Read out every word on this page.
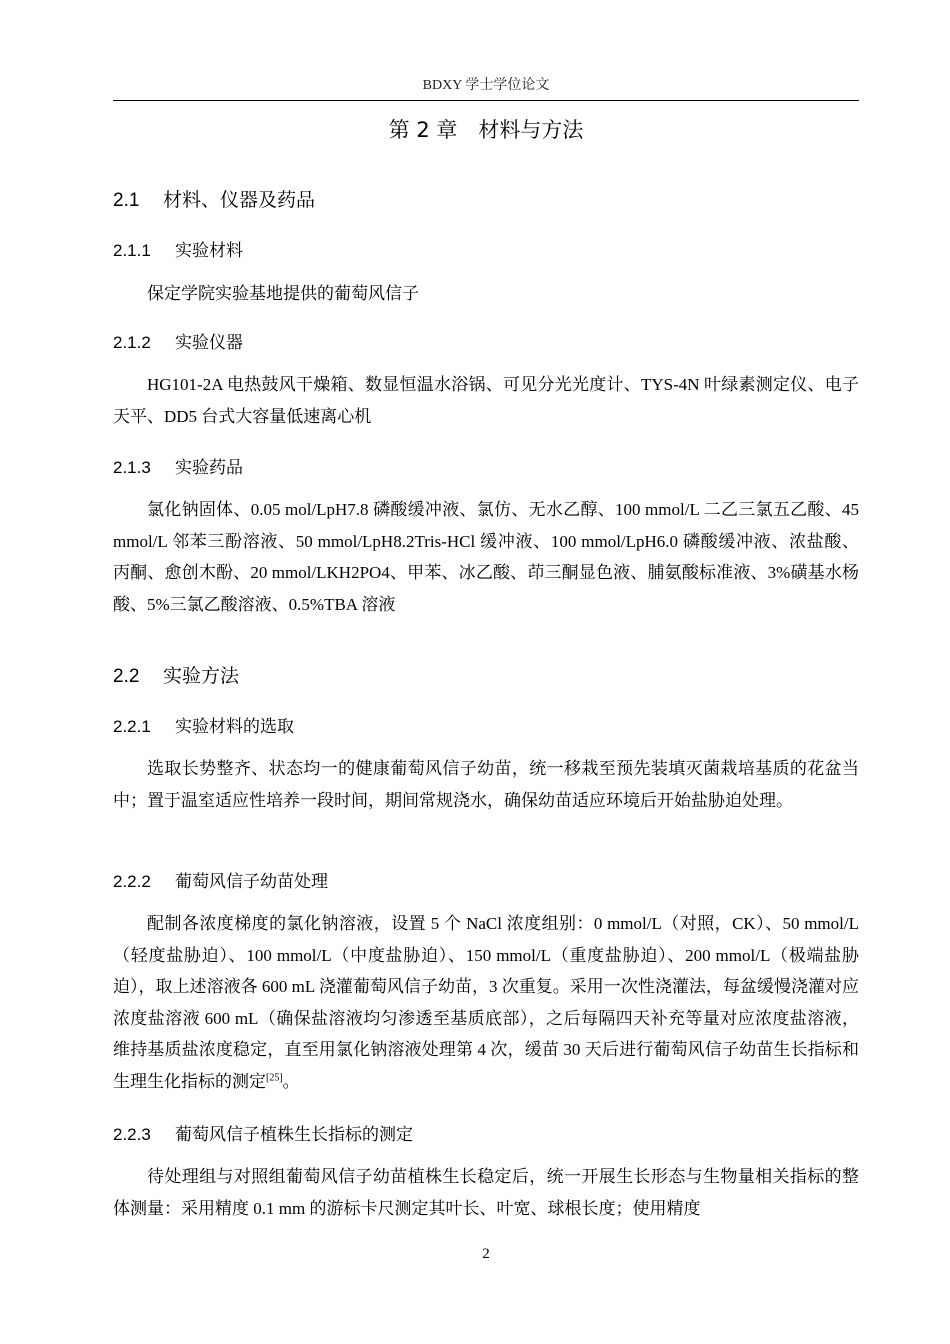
BDXY 学士学位论文
第 2 章　材料与方法
2.1 材料、仪器及药品
2.1.1 实验材料
保定学院实验基地提供的葡萄风信子
2.1.2 实验仪器
HG101-2A 电热鼓风干燥箱、数显恒温水浴锅、可见分光光度计、TYS-4N 叶绿素测定仪、电子天平、DD5 台式大容量低速离心机
2.1.3 实验药品
氯化钠固体、0.05 mol/LpH7.8 磷酸缓冲液、氯仿、无水乙醇、100 mmol/L 二乙三氯五乙酸、45 mmol/L 邻苯三酚溶液、50 mmol/LpH8.2Tris-HCl 缓冲液、100 mmol/LpH6.0 磷酸缓冲液、浓盐酸、丙酮、愈创木酚、20 mmol/LKH2PO4、甲苯、冰乙酸、茚三酮显色液、脯氨酸标准液、3%磺基水杨酸、5%三氯乙酸溶液、0.5%TBA 溶液
2.2 实验方法
2.2.1 实验材料的选取
选取长势整齐、状态均一的健康葡萄风信子幼苗，统一移栽至预先装填灭菌栽培基质的花盆当中；置于温室适应性培养一段时间，期间常规浇水，确保幼苗适应环境后开始盐胁迫处理。
2.2.2 葡萄风信子幼苗处理
配制各浓度梯度的氯化钠溶液，设置 5 个 NaCl 浓度组别：0 mmol/L（对照，CK）、50 mmol/L（轻度盐胁迫）、100 mmol/L（中度盐胁迫）、150 mmol/L（重度盐胁迫）、200 mmol/L（极端盐胁迫），取上述溶液各 600 mL 浇灌葡萄风信子幼苗，3 次重复。采用一次性浇灌法，每盆缓慢浇灌对应浓度盐溶液 600 mL（确保盐溶液均匀渗透至基质底部），之后每隔四天补充等量对应浓度盐溶液，维持基质盐浓度稳定，直至用氯化钠溶液处理第 4 次，缓苗 30 天后进行葡萄风信子幼苗生长指标和生理生化指标的测定[25]。
2.2.3 葡萄风信子植株生长指标的测定
待处理组与对照组葡萄风信子幼苗植株生长稳定后，统一开展生长形态与生物量相关指标的整体测量：采用精度 0.1 mm 的游标卡尺测定其叶长、叶宽、球根长度；使用精度
2
